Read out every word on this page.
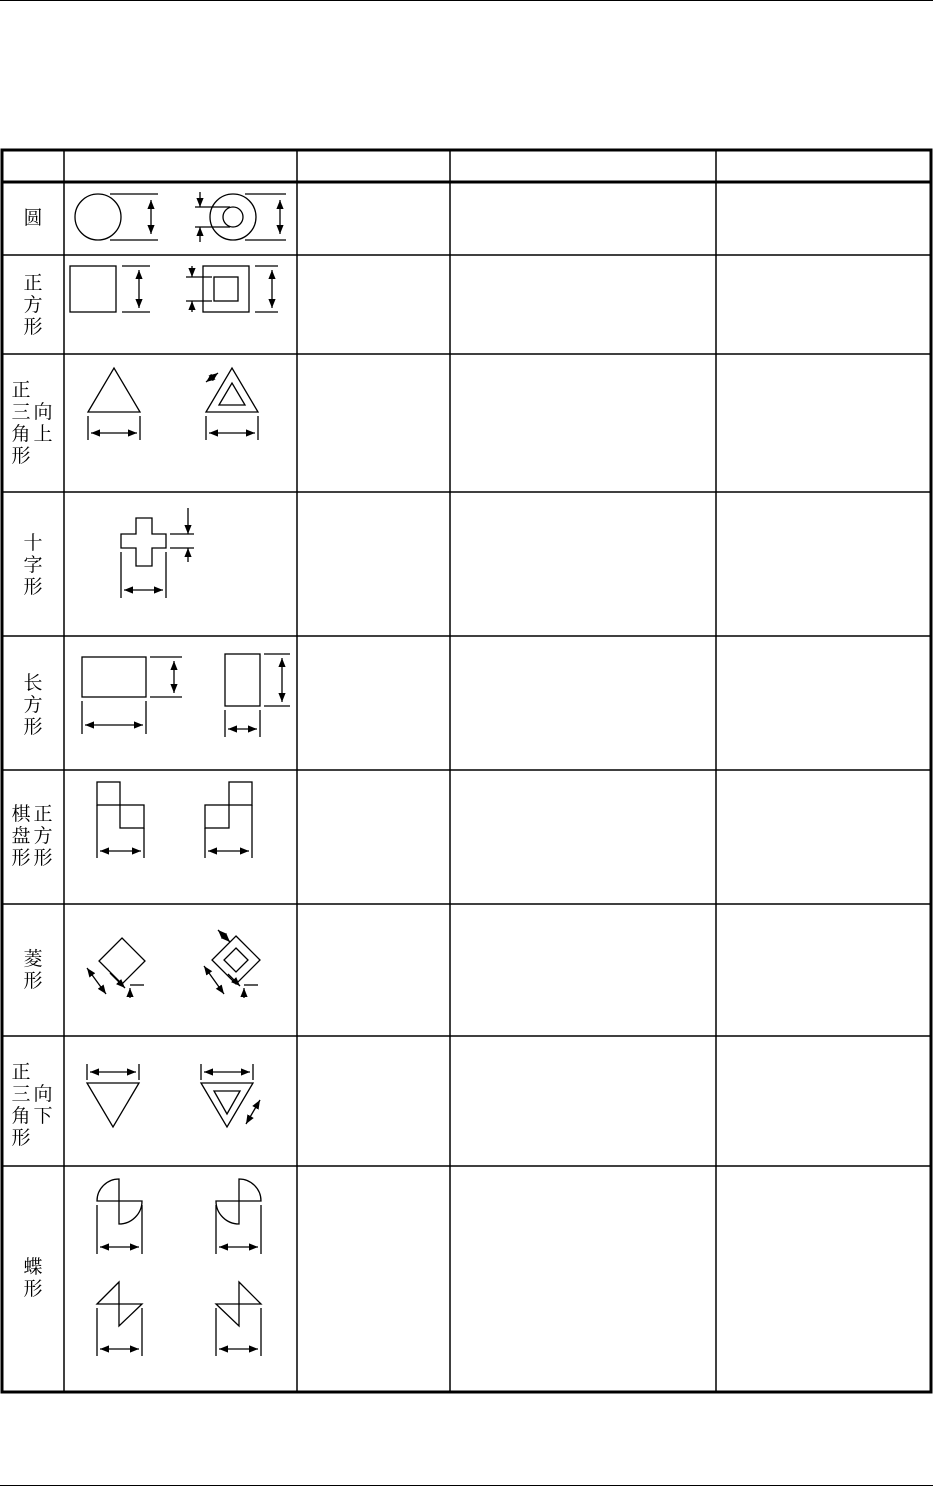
圆
正
方
形
正
三
角
形
向
上
十
字
形
长
方
形
棋
盘
形
正
方
形
菱
形
正
三
角
形
向
下
蝶
形
